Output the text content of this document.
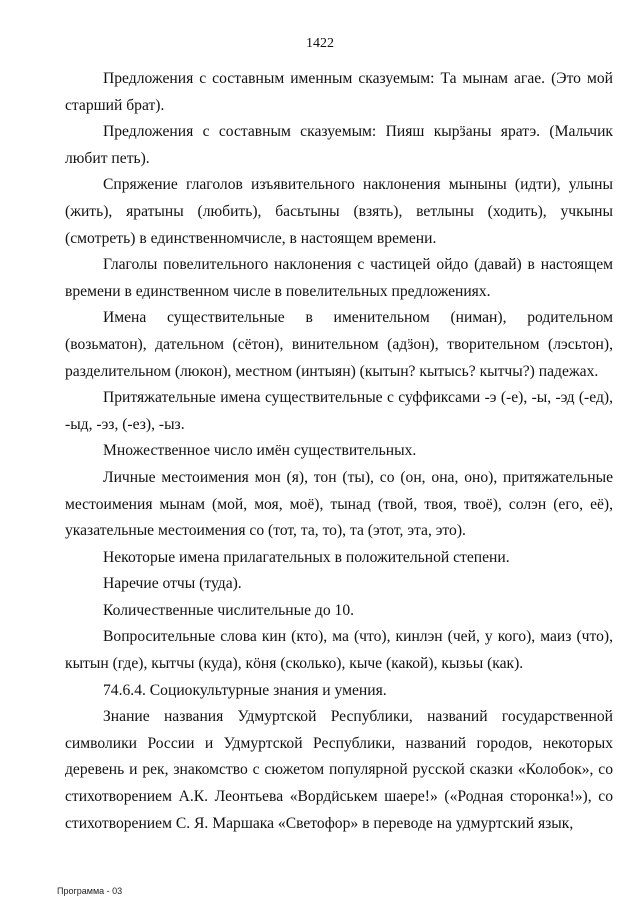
1422

Предложения с составным именным сказуемым: Та мынам агае. (Это мой старший брат).

Предложения с составным сказуемым: Пияш кырӟаны яратэ. (Мальчик любит петь).

Спряжение глаголов изъявительного наклонения мыныны (идти), улыны (жить), яратыны (любить), басьтыны (взять), ветлыны (ходить), учкыны (смотреть) в единственномчисле, в настоящем времени.

Глаголы повелительного наклонения с частицей ойдо (давай) в настоящем времени в единственном числе в повелительных предложениях.

Имена существительные в именительном (ниман), родительном (возьматон), дательном (сётон), винительном (адӟон), творительном (лэсьтон), разделительном (люкон), местном (интыян) (кытын? кытысь? кытчы?) падежах.

Притяжательные имена существительные с суффиксами -э (-е), -ы, -эд (-ед), -ыд, -эз, (-ез), -ыз.

Множественное число имён существительных.

Личные местоимения мон (я), тон (ты), со (он, она, оно), притяжательные местоимения мынам (мой, моя, моё), тынад (твой, твоя, твоё), солэн (его, её), указательные местоимения со (тот, та, то), та (этот, эта, это).

Некоторые имена прилагательных в положительной степени.

Наречие отчы (туда).

Количественные числительные до 10.

Вопросительные слова кин (кто), ма (что), кинлэн (чей, у кого), маиз (что), кытын (где), кытчы (куда), кӧня (сколько), кыче (какой), кызьы (как).

74.6.4. Социокультурные знания и умения.

Знание названия Удмуртской Республики, названий государственной символики России и Удмуртской Республики, названий городов, некоторых деревень и рек, знакомство с сюжетом популярной русской сказки «Колобок», со стихотворением А.К. Леонтьева «Вордӥськем шаере!» («Родная сторонка!»), со стихотворением С. Я. Маршака «Светофор» в переводе на удмуртский язык,

Программа - 03
